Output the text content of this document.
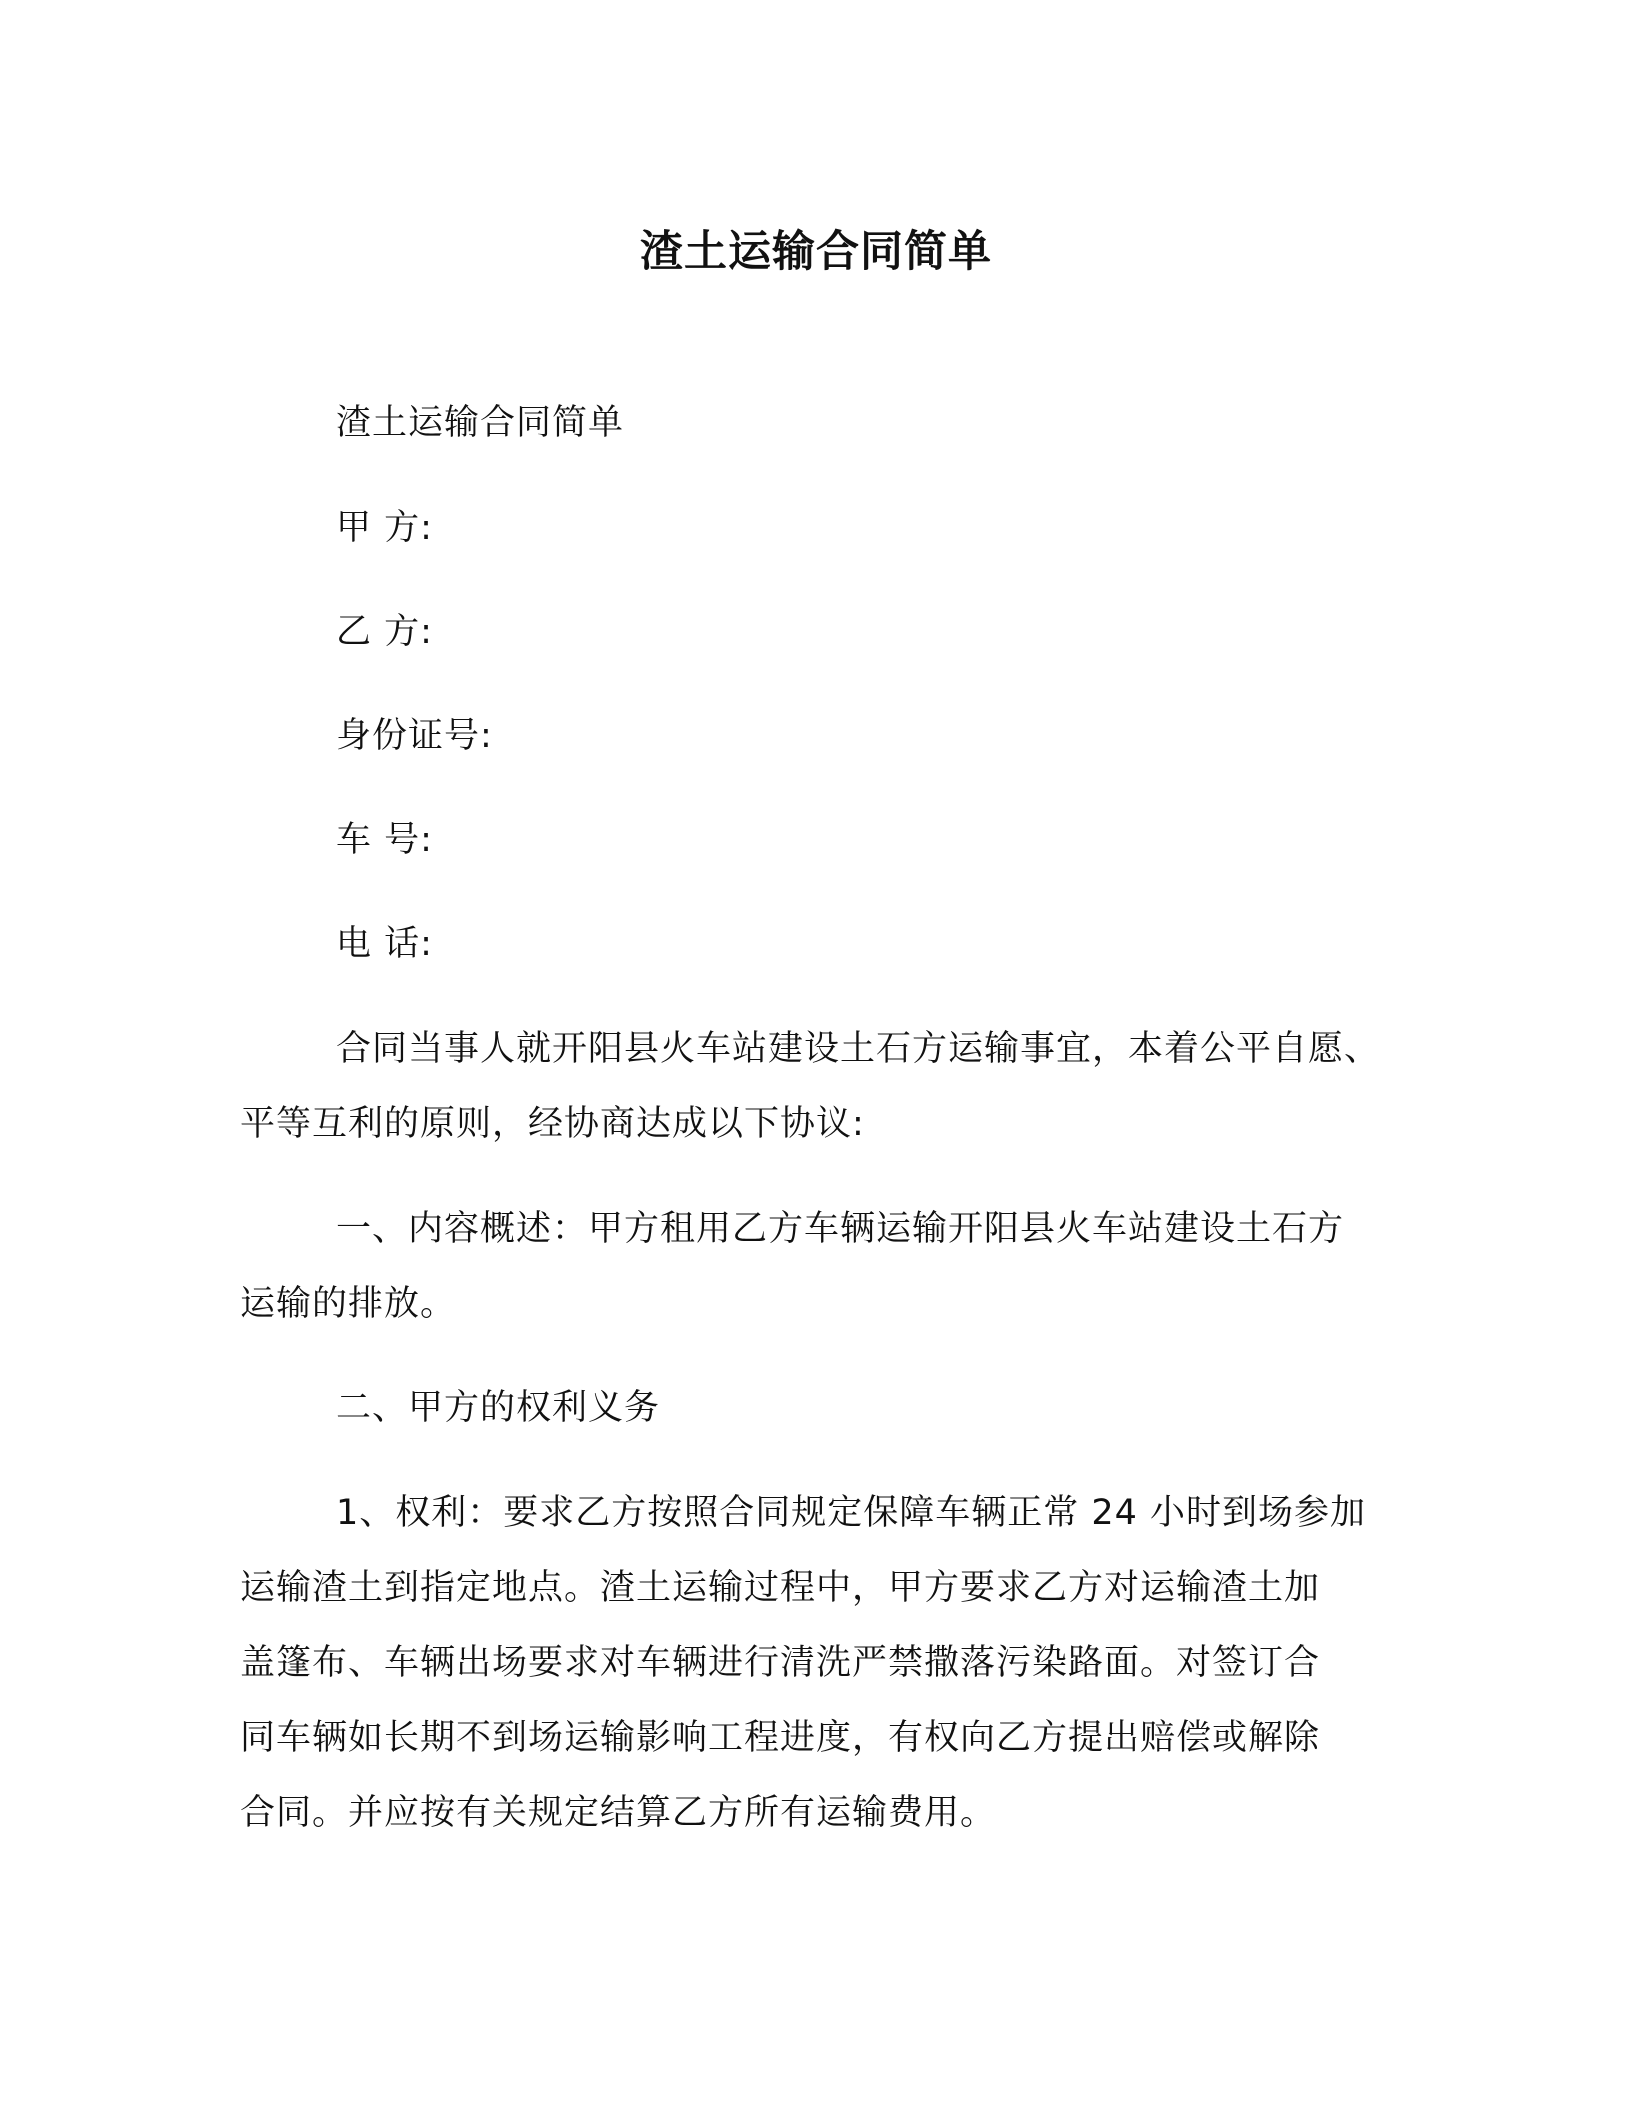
渣土运输合同简单
渣土运输合同简单
甲 方:
乙 方:
身份证号:
车 号:
电 话:
合同当事人就开阳县火车站建设土石方运输事宜，本着公平自愿、
平等互利的原则，经协商达成以下协议:
一、内容概述：甲方租用乙方车辆运输开阳县火车站建设土石方
运输的排放。
二、甲方的权利义务
1、权利：要求乙方按照合同规定保障车辆正常 24 小时到场参加
运输渣土到指定地点。渣土运输过程中，甲方要求乙方对运输渣土加
盖篷布、车辆出场要求对车辆进行清洗严禁撒落污染路面。对签订合
同车辆如长期不到场运输影响工程进度，有权向乙方提出赔偿或解除
合同。并应按有关规定结算乙方所有运输费用。
